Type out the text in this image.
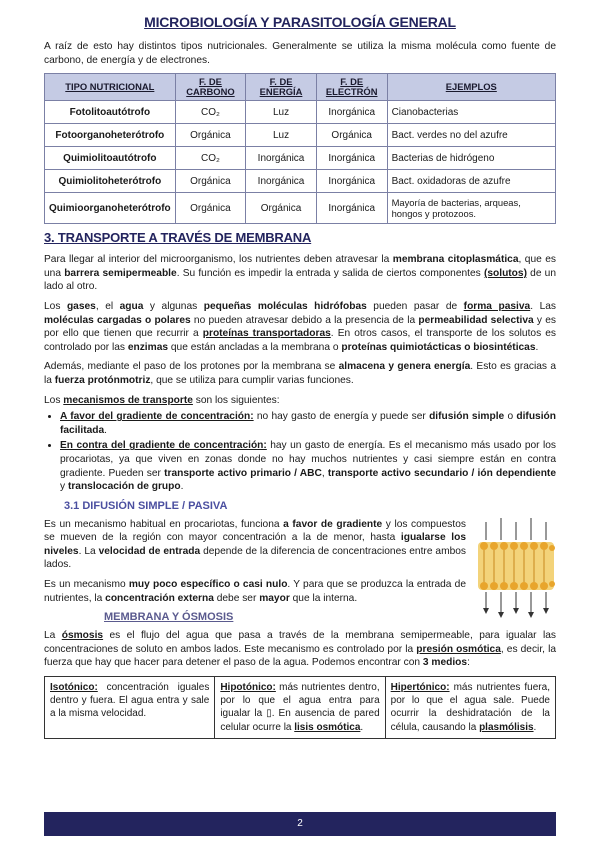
MICROBIOLOGÍA Y PARASITOLOGÍA GENERAL

A raíz de esto hay distintos tipos nutricionales. Generalmente se utiliza la misma molécula como fuente de carbono, de energía y de electrones.

TIPO NUTRICIONAL	F. DE CARBONO	F. DE ENERGÍA	F. DE ELECTRÓN	EJEMPLOS
Fotolitoautótrofo	CO₂	Luz	Inorgánica	Cianobacterias
Fotoorganoheterótrofo	Orgánica	Luz	Orgánica	Bact. verdes no del azufre
Quimiolitoautótrofo	CO₂	Inorgánica	Inorgánica	Bacterias de hidrógeno
Quimiolitoheterótrofo	Orgánica	Inorgánica	Inorgánica	Bact. oxidadoras de azufre
Quimioorganoheterótrofo	Orgánica	Orgánica	Inorgánica	Mayoría de bacterias, arqueas, hongos y protozoos.
3. TRANSPORTE A TRAVÉS DE MEMBRANA

Para llegar al interior del microorganismo, los nutrientes deben atravesar la membrana citoplasmática, que es una barrera semipermeable. Su función es impedir la entrada y salida de ciertos componentes (solutos) de un lado al otro.

Los gases, el agua y algunas pequeñas moléculas hidrófobas pueden pasar de forma pasiva. Las moléculas cargadas o polares no pueden atravesar debido a la presencia de la permeabilidad selectiva y es por ello que tienen que recurrir a proteínas transportadoras. En otros casos, el transporte de los solutos es controlado por las enzimas que están ancladas a la membrana o proteínas quimiotácticas o biosintéticas.

Además, mediante el paso de los protones por la membrana se almacena y genera energía. Esto es gracias a la fuerza protónmotriz, que se utiliza para cumplir varias funciones.

Los mecanismos de transporte son los siguientes:

• A favor del gradiente de concentración: no hay gasto de energía y puede ser difusión simple o difusión facilitada.
• En contra del gradiente de concentración: hay un gasto de energía. Es el mecanismo más usado por los procariotas, ya que viven en zonas donde no hay muchos nutrientes y casi siempre están en contra gradiente. Pueden ser transporte activo primario / ABC, transporte activo secundario / ión dependiente y translocación de grupo.
3.1 DIFUSIÓN SIMPLE / PASIVA

Es un mecanismo habitual en procariotas, funciona a favor de gradiente y los compuestos se mueven de la región con mayor concentración a la de menor, hasta igualarse los niveles. La velocidad de entrada depende de la diferencia de concentraciones entre ambos lados.

Es un mecanismo muy poco específico o casi nulo. Y para que se produzca la entrada de nutrientes, la concentración externa debe ser mayor que la interna.

MEMBRANA Y ÓSMOSIS

La ósmosis es el flujo del agua que pasa a través de la membrana semipermeable, para igualar las concentraciones de soluto en ambos lados. Este mecanismo es controlado por la presión osmótica, es decir, la fuerza que hay que hacer para detener el paso de la agua. Podemos encontrar con 3 medios:

Isotónico: concentración iguales dentro y fuera. El agua entra y sale a la misma velocidad.
Hipotónico: más nutrientes dentro, por lo que el agua entra para igualar la ▯. En ausencia de pared celular ocurre la lisis osmótica.
Hipertónico: más nutrientes fuera, por lo que el agua sale. Puede ocurrir la deshidratación de la célula, causando la plasmólisis.
2
